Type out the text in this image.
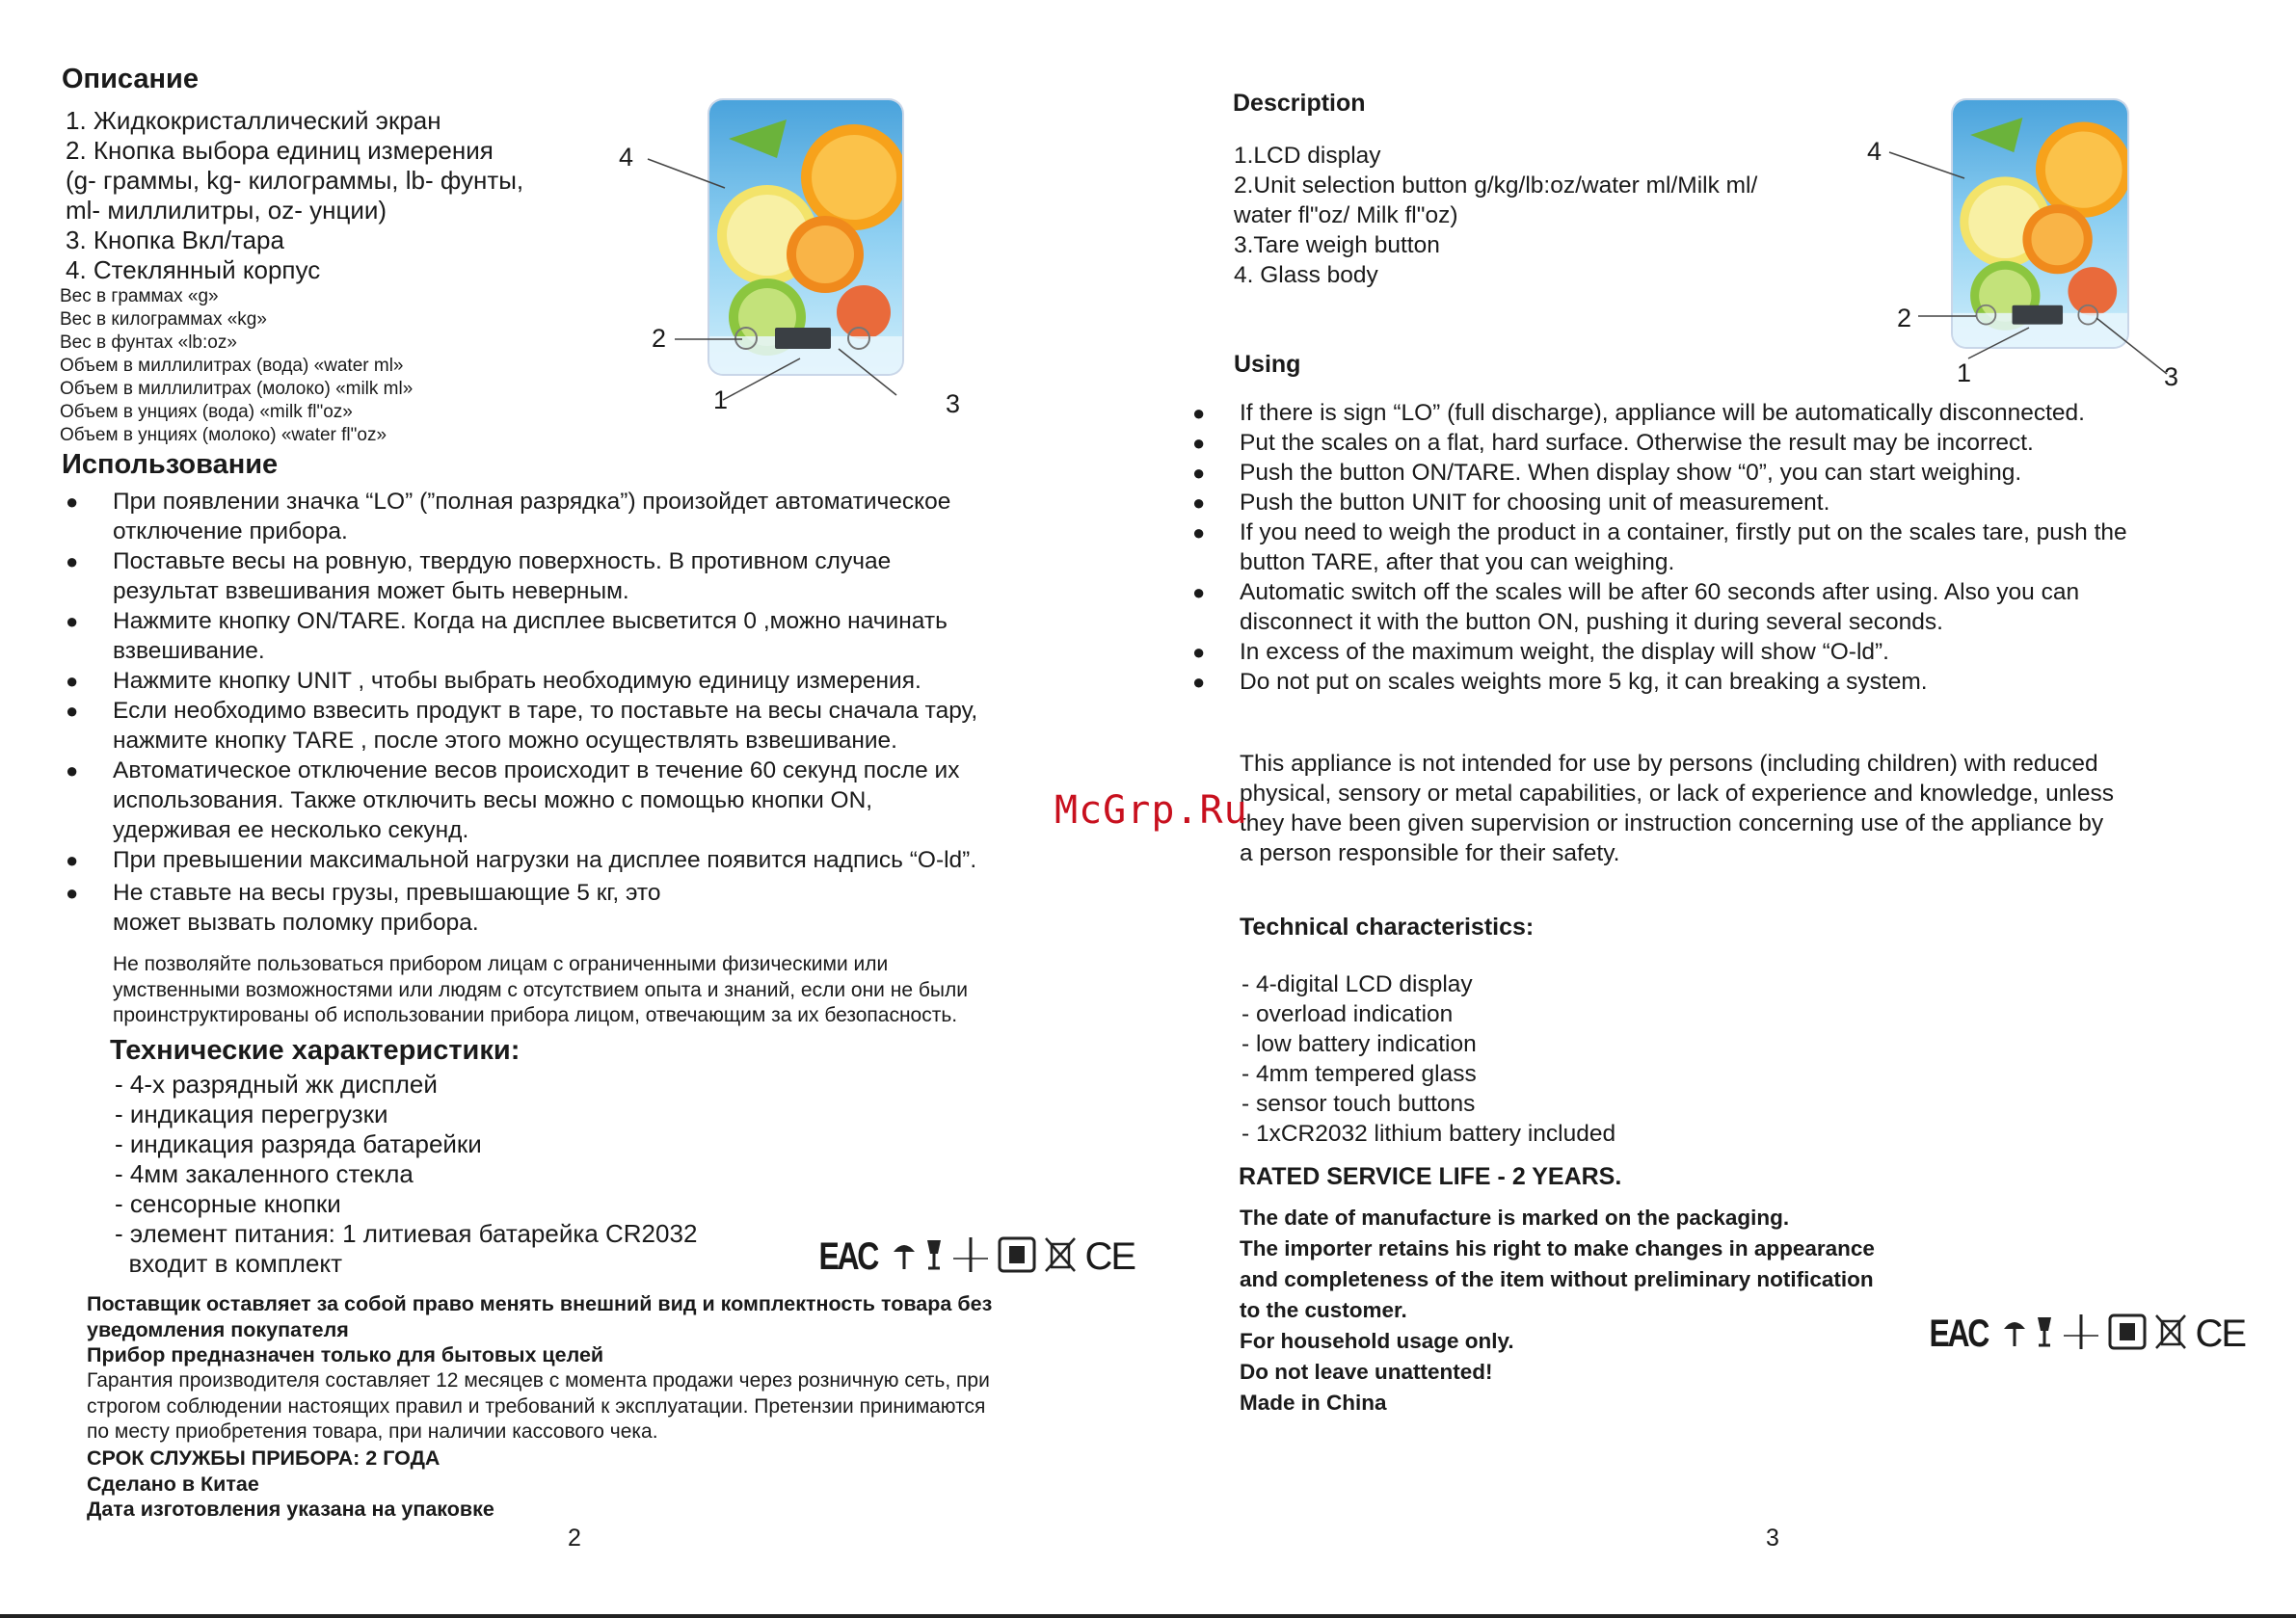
Описание
1. Жидкокристаллический экран
2. Кнопка выбора единиц измерения
(g- граммы, kg- килограммы, lb- фунты,
ml- миллилитры, oz- унции)
3. Кнопка Вкл/тара
4. Стеклянный корпус
Вес в граммах «g»
Вес в килограммах «kg»
Вес в фунтах «lb:oz»
Объем в миллилитрах (вода) «water ml»
Объем в миллилитрах (молоко) «milk ml»
Объем в унциях (вода) «milk fl"oz»
Объем в унциях (молоко) «water fl"oz»
4
2
1	3
Использование
● При появлении значка “LO” (”полная разрядка”) произойдет автоматическое
отключение прибора.
● Поставьте весы на ровную, твердую поверхность. В противном случае
результат взвешивания может быть неверным.
● Нажмите кнопку ON/TARE. Когда на дисплее высветится 0 ,можно начинать
взвешивание.
● Нажмите кнопку UNIT , чтобы выбрать необходимую единицу измерения.
● Если необходимо взвесить продукт в таре, то поставьте на весы сначала тару,
нажмите кнопку TARE , после этого можно осуществлять взвешивание.
● Автоматическое отключение весов происходит в течение 60 секунд после их
использования. Также отключить весы можно с помощью кнопки ON,
удерживая ее несколько секунд.
● При превышении максимальной нагрузки на дисплее появится надпись “O-ld”.
● Не ставьте на весы грузы, превышающие 5 кг, это
может вызвать поломку прибора.
Не позволяйте пользоваться прибором лицам с ограниченными физическими или
умственными возможностями или людям с отсутствием опыта и знаний, если они не были
проинструктированы об использовании прибора лицом, отвечающим за их безопасность.
Технические характеристики:
- 4-х разрядный жк дисплей
- индикация перегрузки
- индикация разряда батарейки
- 4мм закаленного стекла
- сенсорные кнопки
- элемент питания: 1 литиевая батарейка CR2032
входит в комплект	EAC	CE
Поставщик оставляет за собой право менять внешний вид и комплектность товара без
уведомления покупателя
Прибор предназначен только для бытовых целей
Гарантия производителя составляет 12 месяцев с момента продажи через розничную сеть, при
строгом соблюдении настоящих правил и требований к эксплуатации. Претензии принимаются
по месту приобретения товара, при наличии кассового чека.
СРОК СЛУЖБЫ ПРИБОРА: 2 ГОДА
Сделано в Китае
Дата изготовления указана на упаковке
2
Description
1.LCD display
2.Unit selection button g/kg/lb:oz/water ml/Milk ml/
water fl"oz/ Milk fl"oz)
3.Tare weigh button
4. Glass body
4
2
1	3
Using
● If there is sign “LO” (full discharge), appliance will be automatically disconnected.
● Put the scales on a flat, hard surface. Otherwise the result may be incorrect.
● Push the button ON/TARE. When display show “0”, you can start weighing.
● Push the button UNIT for choosing unit of measurement.
● If you need to weigh the product in a container, firstly put on the scales tare, push the
button TARE, after that you can weighing.
● Automatic switch off the scales will be after 60 seconds after using. Also you can
disconnect it with the button ON, pushing it during several seconds.
● In excess of the maximum weight, the display will show “O-ld”.
● Do not put on scales weights more 5 kg, it can breaking a system.
This appliance is not intended for use by persons (including children) with reduced
physical, sensory or metal capabilities, or lack of experience and knowledge, unless
they have been given supervision or instruction concerning use of the appliance by
a person responsible for their safety.
Technical characteristics:
- 4-digital LCD display
- overload indication
- low battery indication
- 4mm tempered glass
- sensor touch buttons
- 1xCR2032 lithium battery included
RATED SERVICE LIFE - 2 YEARS.
The date of manufacture is marked on the packaging.
The importer retains his right to make changes in appearance
and completeness of the item without preliminary notification
to the customer.
For household usage only.
Do not leave unattented!
Made in China
EAC	CE
3
McGrp.Ru
